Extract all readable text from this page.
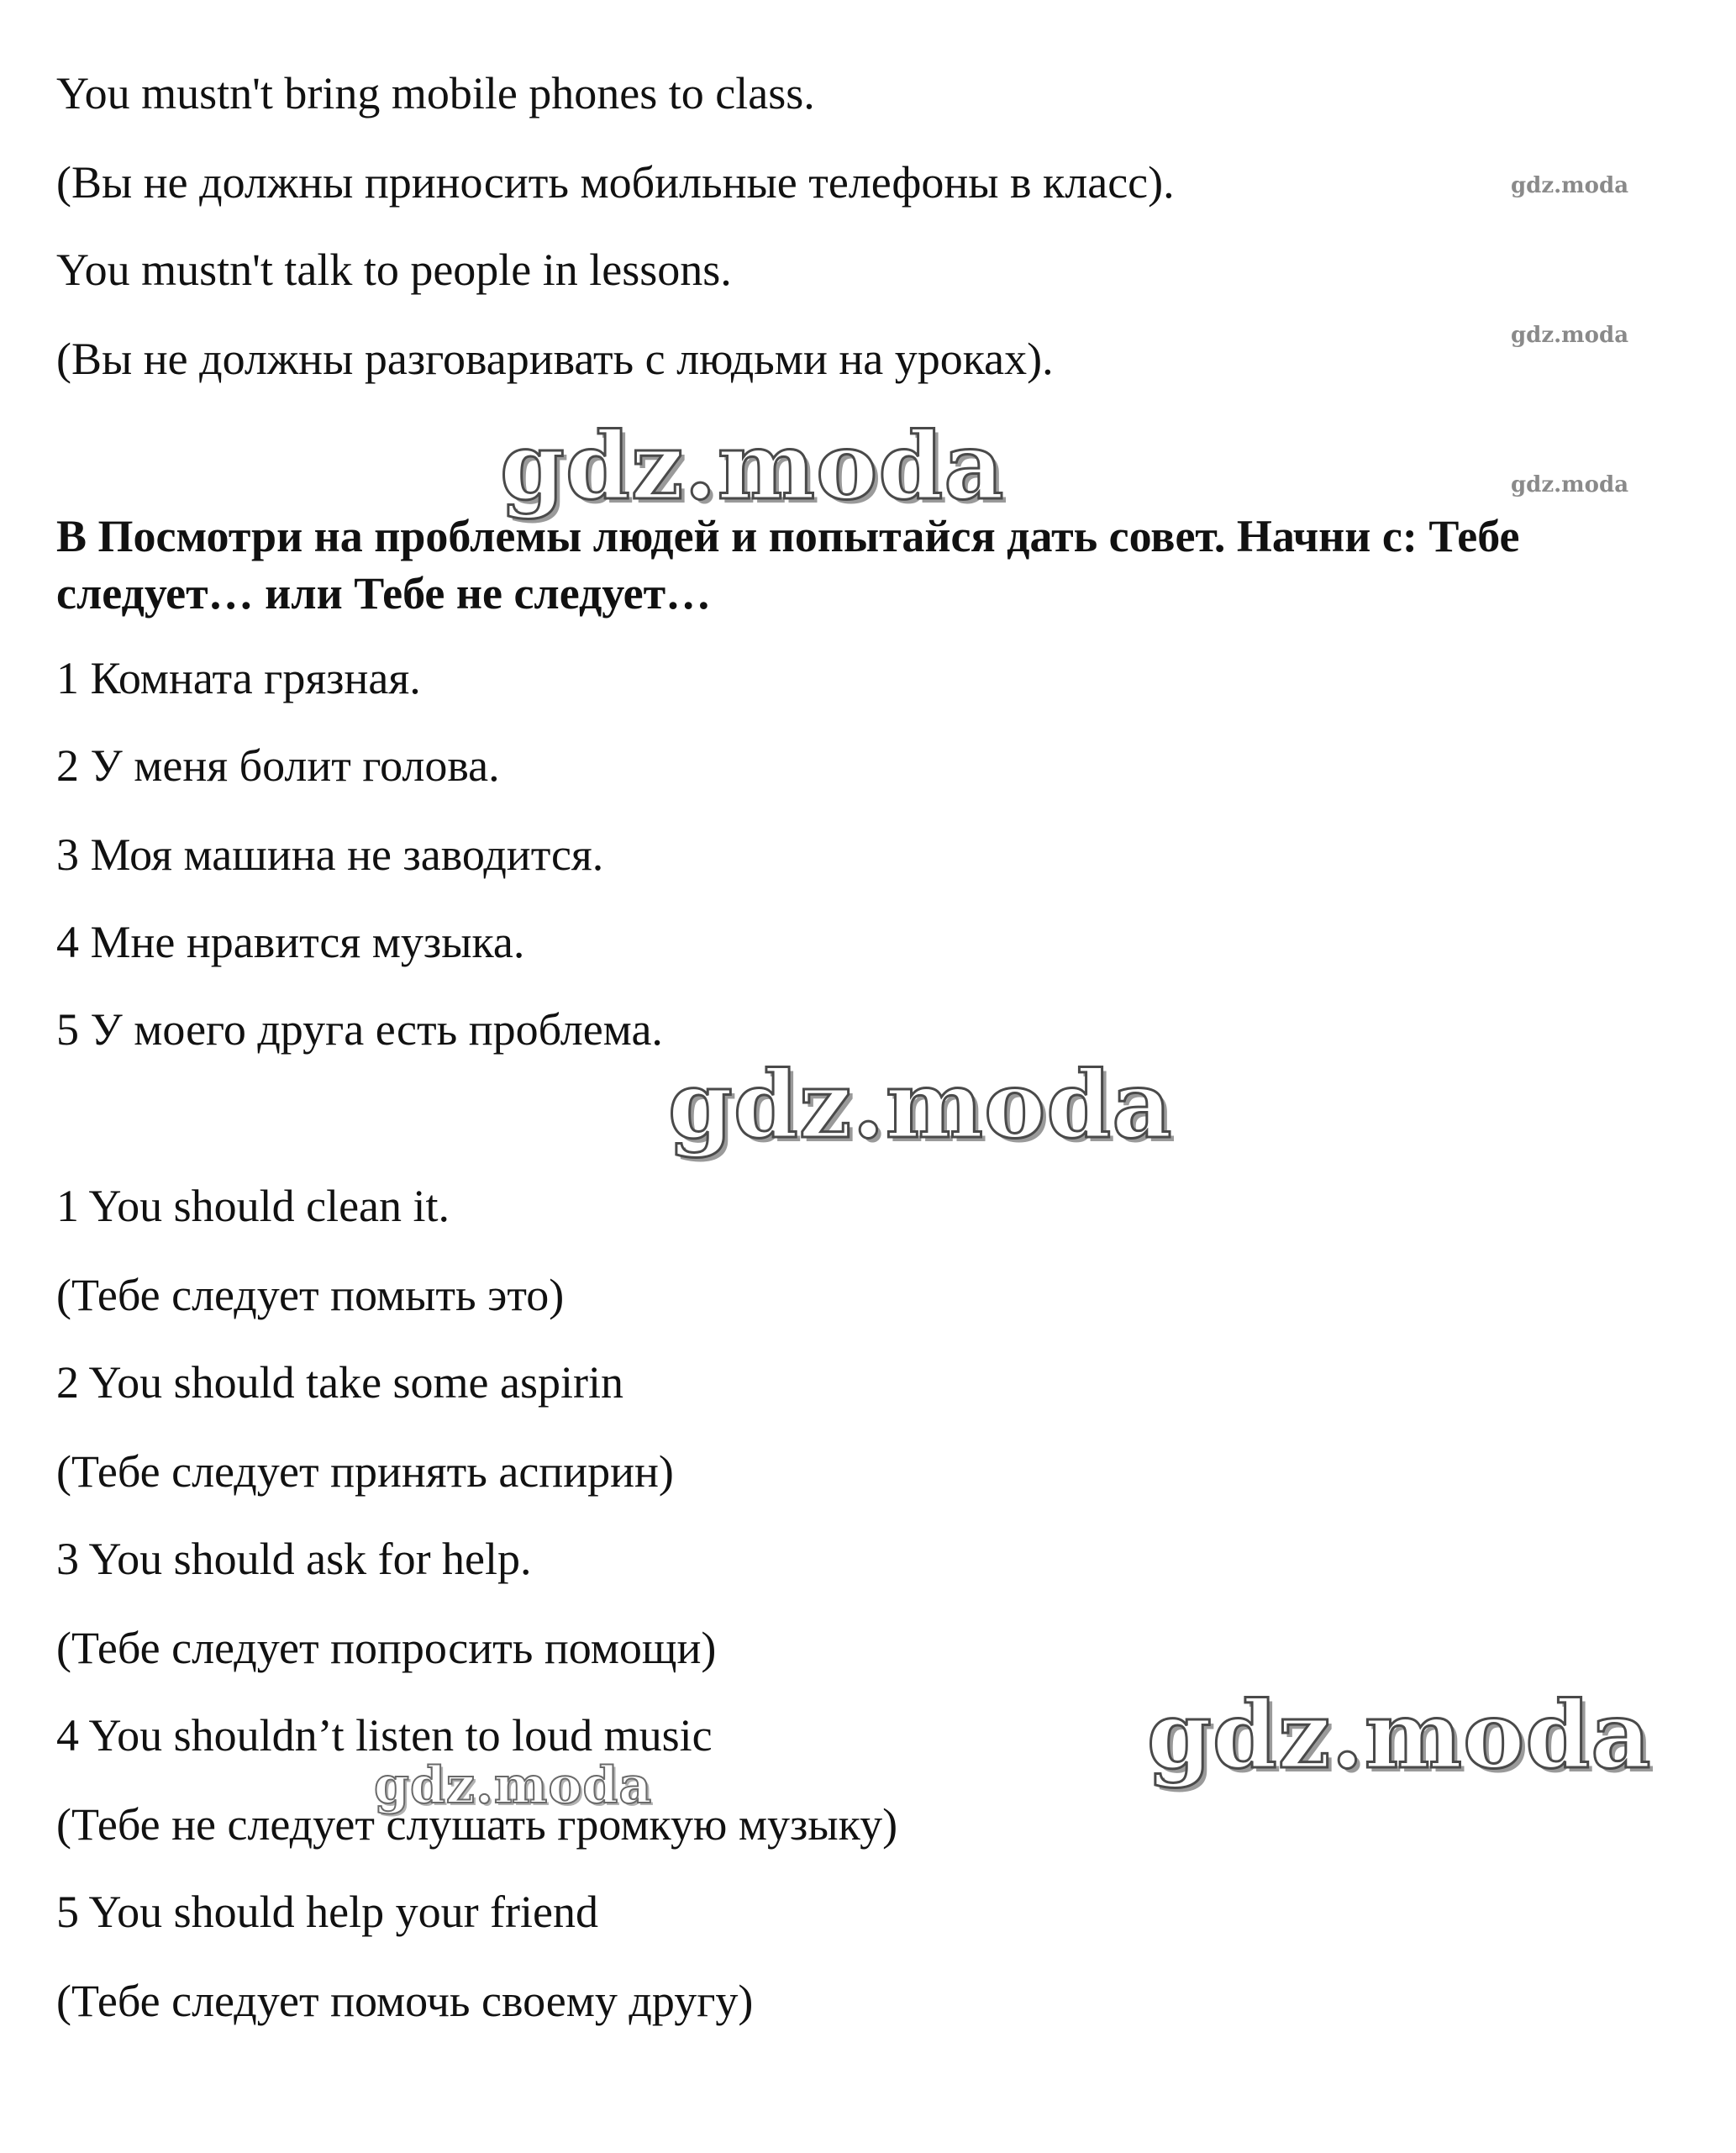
You mustn't bring mobile phones to class.
(Вы не должны приносить мобильные телефоны в класс).
You mustn't talk to people in lessons.
(Вы не должны разговаривать с людьми на уроках).
B Посмотри на проблемы людей и попытайся дать совет. Начни с: Тебе следует… или Тебе не следует…
1 Комната грязная.
2 У меня болит голова.
3 Моя машина не заводится.
4 Мне нравится музыка.
5 У моего друга есть проблема.
1 You should clean it.
(Тебе следует помыть это)
2 You should take some aspirin
(Тебе следует принять аспирин)
3 You should ask for help.
(Тебе следует попросить помощи)
4 You shouldn’t listen to loud music
(Тебе не следует слушать громкую музыку)
5 You should help your friend
(Тебе следует помочь своему другу)
gdz.moda
gdz.moda
gdz.moda
gdz.moda
gdz.moda
gdz.moda
gdz.moda
